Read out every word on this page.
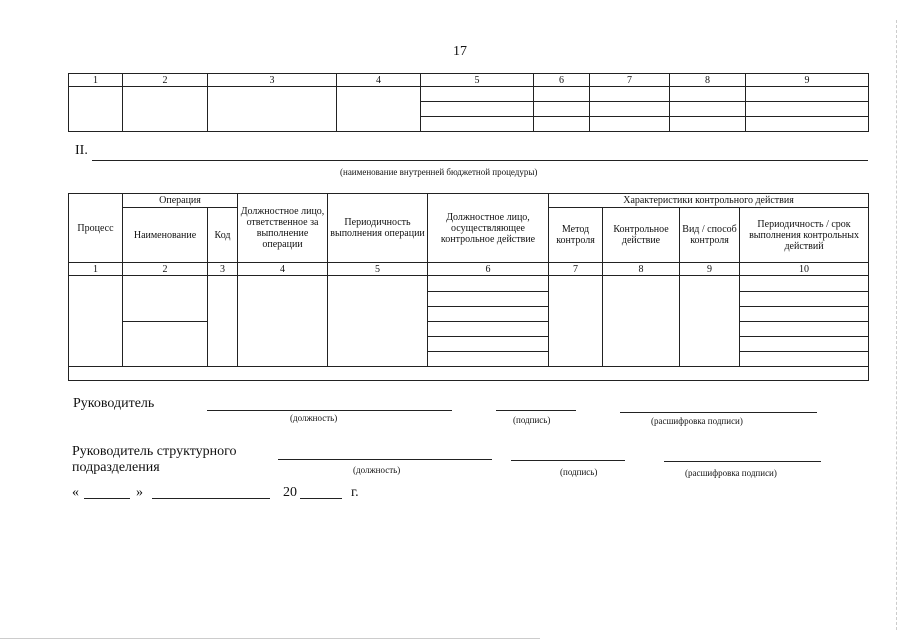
17
1	2	3	4	5	6	7	8	9

II.
(наименование внутренней бюджетной процедуры)
Процесс	Операция		Должностное лицо, ответственное за выполнение операции	Периодичность выполнения операции	Должностное лицо, осуществляющее контрольное действие	Характеристики контрольного действия			
	Наименование	Код				Метод контроля	Контрольное действие	Вид / способ контроля	Периодичность / срок выполнения контрольных действий
1	2	3	4	5	6	7	8	9	10

Руководитель
(должность)	(подпись)	(расшифровка подписи)
Руководитель структурного
подразделения	(должность)	(подпись)	(расшифровка подписи)
«	»	20	г.
